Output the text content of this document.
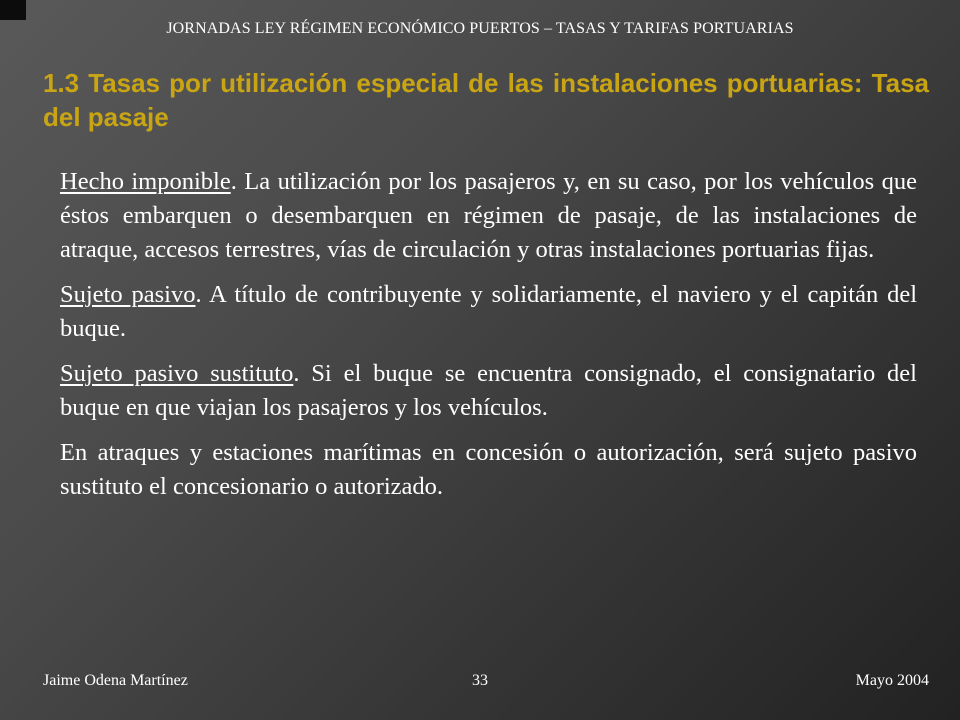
JORNADAS LEY RÉGIMEN ECONÓMICO PUERTOS – TASAS Y TARIFAS PORTUARIAS
1.3 Tasas por utilización especial de las instalaciones portuarias: Tasa del pasaje

Hecho imponible. La utilización por los pasajeros y, en su caso, por los vehículos que éstos embarquen o desembarquen en régimen de pasaje, de las instalaciones de atraque, accesos terrestres, vías de circulación y otras instalaciones portuarias fijas.

Sujeto pasivo. A título de contribuyente y solidariamente, el naviero y el capitán del buque.

Sujeto pasivo sustituto. Si el buque se encuentra consignado, el consignatario del buque en que viajan los pasajeros y los vehículos.

En atraques y estaciones marítimas en concesión o autorización, será sujeto pasivo sustituto el concesionario o autorizado.

Jaime Odena Martínez	33	Mayo 2004
